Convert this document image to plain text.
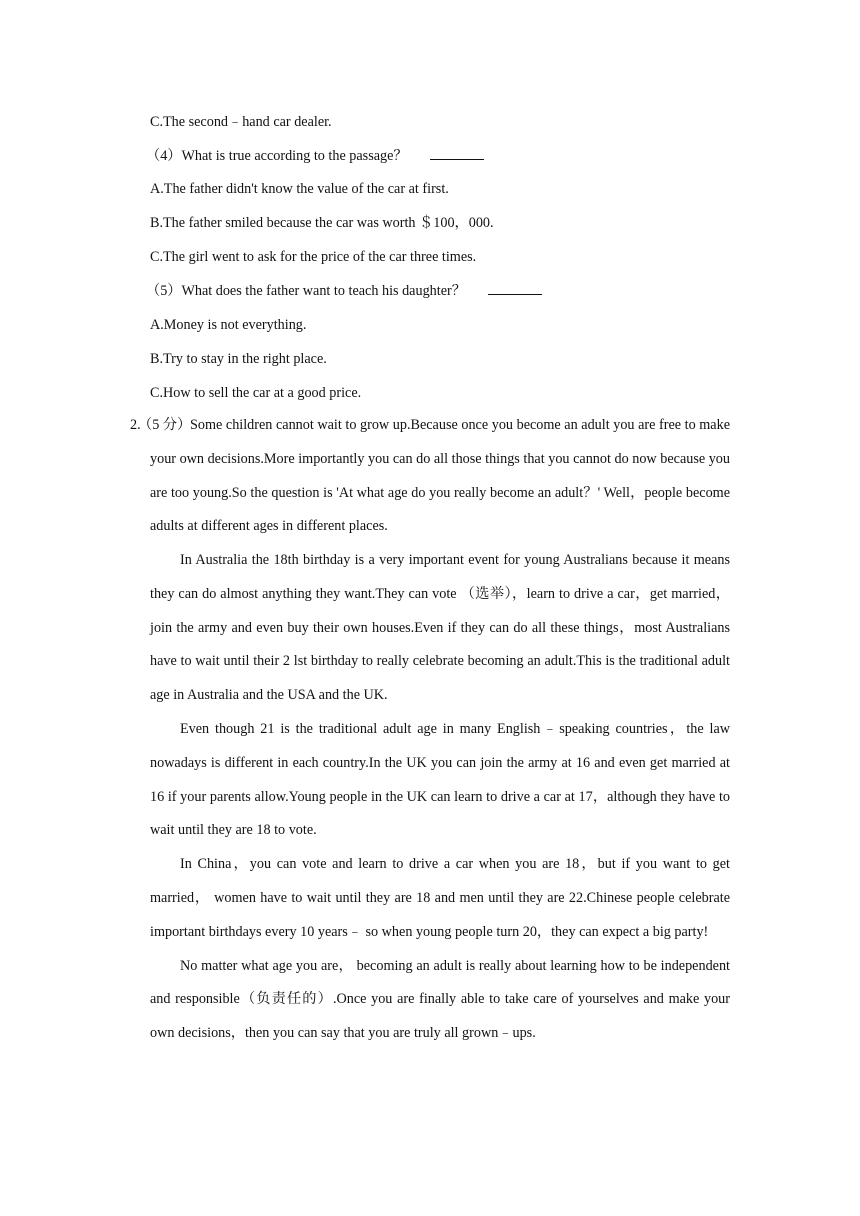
C.The second﹣hand car dealer.
（4）What is true according to the passage？
A.The father didn't know the value of the car at first.
B.The father smiled because the car was worth ＄100，000.
C.The girl went to ask for the price of the car three times.
（5）What does the father want to teach his daughter？
A.Money is not everything.
B.Try to stay in the right place.
C.How to sell the car at a good price.

2.
（5 分）
Some children cannot wait to grow up.Because once you become an adult you are free to make your own decisions.More importantly you can do all those things that you cannot do now because you are too young.So the question is 'At what age do you really become an adult？' Well，people become adults at different ages in different places.

In Australia the 18th birthday is a very important event for young Australians because it means they can do almost anything they want.They can vote （选举），learn to drive a car，get married，join the army and even buy their own houses.Even if they can do all these things，most Australians have to wait until their 2 lst birthday to really celebrate becoming an adult.This is the traditional adult age in Australia and the USA and the UK.

Even though 21 is the traditional adult age in many English﹣speaking countries，the law nowadays is different in each country.In the UK you can join the army at 16 and even get married at 16 if your parents allow.Young people in the UK can learn to drive a car at 17，although they have to wait until they are 18 to vote.

In China，you can vote and learn to drive a car when you are 18，but if you want to get married， women have to wait until they are 18 and men until they are 22.Chinese people celebrate important birthdays every 10 years﹣ so when young people turn 20，they can expect a big party!

No matter what age you are， becoming an adult is really about learning how to be independent and responsible（负责任的）.Once you are finally able to take care of yourselves and make your own decisions，then you can say that you are truly all grown﹣ups.
